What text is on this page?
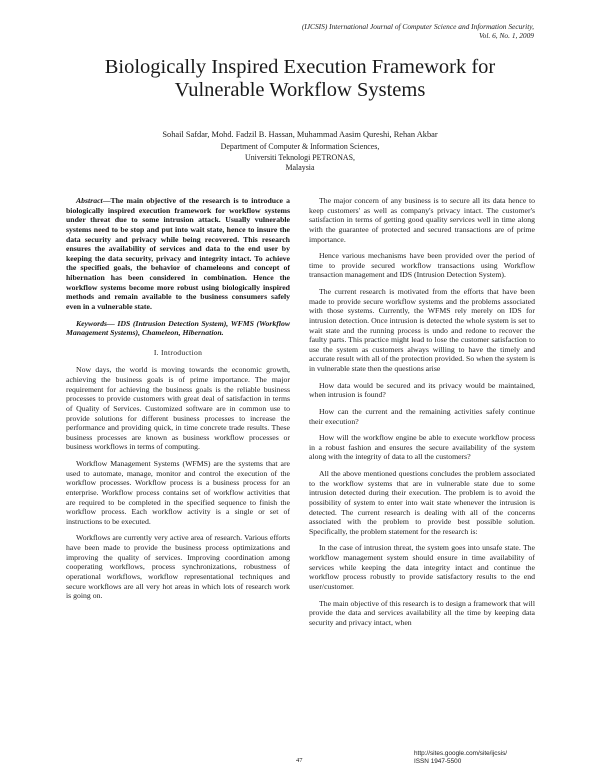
(IJCSIS) International Journal of Computer Science and Information Security,
Vol. 6, No. 1, 2009
Biologically Inspired Execution Framework for
Vulnerable Workflow Systems
Sohail Safdar, Mohd. Fadzil B. Hassan, Muhammad Aasim Qureshi, Rehan Akbar
Department of Computer & Information Sciences,
Universiti Teknologi PETRONAS,
Malaysia

Abstract—The main objective of the research is to introduce a biologically inspired execution framework for workflow systems under threat due to some intrusion attack. Usually vulnerable systems need to be stop and put into wait state, hence to insure the data security and privacy while being recovered. This research ensures the availability of services and data to the end user by keeping the data security, privacy and integrity intact. To achieve the specified goals, the behavior of chameleons and concept of hibernation has been considered in combination. Hence the workflow systems become more robust using biologically inspired methods and remain available to the business consumers safely even in a vulnerable state.

Keywords— IDS (Intrusion Detection System), WFMS (Workflow Management Systems), Chameleon, Hibernation.

I. Introduction

Now days, the world is moving towards the economic growth, achieving the business goals is of prime importance. The major requirement for achieving the business goals is the reliable business processes to provide customers with great deal of satisfaction in terms of Quality of Services. Customized software are in common use to provide solutions for different business processes to increase the performance and providing quick, in time concrete trade results. These business processes are known as business workflow processes or business workflows in terms of computing.

Workflow Management Systems (WFMS) are the systems that are used to automate, manage, monitor and control the execution of the workflow processes. Workflow process is a business process for an enterprise. Workflow process contains set of workflow activities that are required to be completed in the specified sequence to finish the workflow process. Each workflow activity is a single or set of instructions to be executed.

Workflows are currently very active area of research. Various efforts have been made to provide the business process optimizations and improving the quality of services. Improving coordination among cooperating workflows, process synchronizations, robustness of operational workflows, workflow representational techniques and secure workflows are all very hot areas in which lots of research work is going on.

The major concern of any business is to secure all its data hence to keep customers' as well as company's privacy intact. The customer's satisfaction in terms of getting good quality services well in time along with the guarantee of protected and secured transactions are of prime importance.

Hence various mechanisms have been provided over the period of time to provide secured workflow transactions using Workflow transaction management and IDS (Intrusion Detection System).

The current research is motivated from the efforts that have been made to provide secure workflow systems and the problems associated with those systems. Currently, the WFMS rely merely on IDS for intrusion detection. Once intrusion is detected the whole system is set to wait state and the running process is undo and redone to recover the faulty parts. This practice might lead to lose the customer satisfaction to use the system as customers always willing to have the timely and accurate result with all of the protection provided. So when the system is in vulnerable state then the questions arise

How data would be secured and its privacy would be maintained, when intrusion is found?

How can the current and the remaining activities safely continue their execution?

How will the workflow engine be able to execute workflow process in a robust fashion and ensures the secure availability of the system along with the integrity of data to all the customers?

All the above mentioned questions concludes the problem associated to the workflow systems that are in vulnerable state due to some intrusion detected during their execution. The problem is to avoid the possibility of system to enter into wait state whenever the intrusion is detected. The current research is dealing with all of the concerns associated with the problem to provide best possible solution. Specifically, the problem statement for the research is:

In the case of intrusion threat, the system goes into unsafe state. The workflow management system should ensure in time availability of services while keeping the data integrity intact and continue the workflow process robustly to provide satisfactory results to the end user/customer.

The main objective of this research is to design a framework that will provide the data and services availability all the time by keeping data security and privacy intact, when

47
http://sites.google.com/site/ijcsis/
ISSN 1947-5500
